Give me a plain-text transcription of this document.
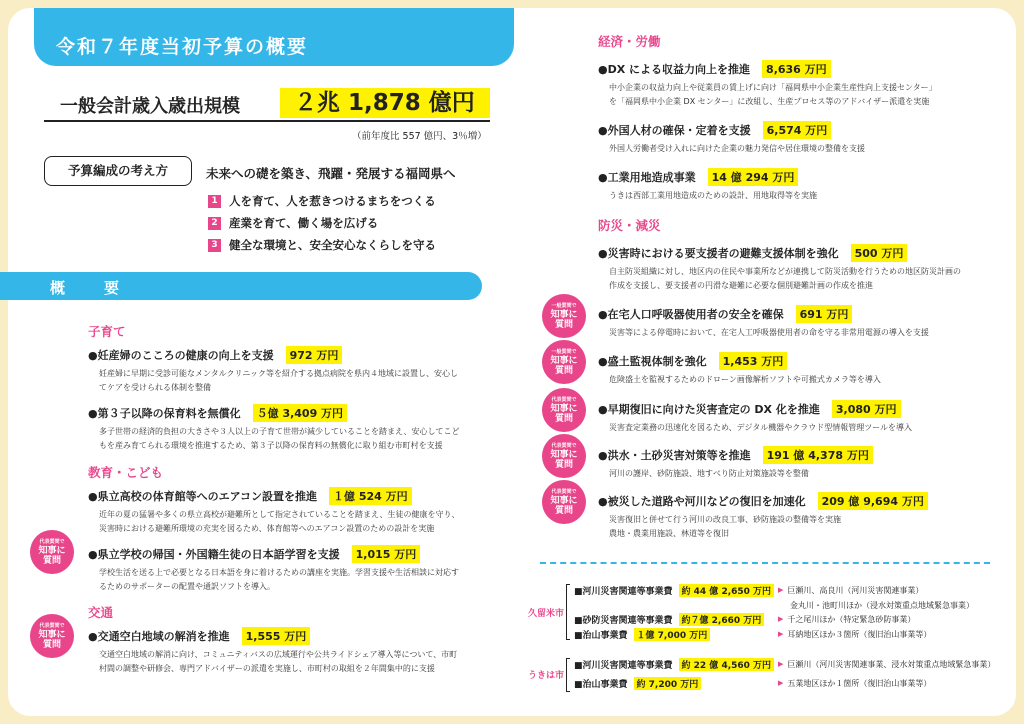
令和７年度当初予算の概要
一般会計歳入歳出規模	２兆 1,878 億円
（前年度比 557 億円、3％増）
予算編成の考え方	未来への礎を築き、飛躍・発展する福岡県へ
1 人を育て、人を惹きつけるまちをつくる
2 産業を育て、働く場を広げる
3 健全な環境と、安全安心なくらしを守る
概　要
子育て
●妊産婦のこころの健康の向上を支援	972 万円
妊産婦に早期に受診可能なメンタルクリニック等を紹介する拠点病院を県内４地域に設置し、安心し
てケアを受けられる体制を整備
●第３子以降の保育料を無償化	５億 3,409 万円
多子世帯の経済的負担の大きさや３人以上の子育て世帯が減少していることを踏まえ、安心してこど
もを産み育てられる環境を推進するため、第３子以降の保育料の無償化に取り組む市町村を支援
教育・こども
●県立高校の体育館等へのエアコン設置を推進	１億 524 万円
近年の夏の猛暑や多くの県立高校が避難所として指定されていることを踏まえ、生徒の健康を守り、
災害時における避難所環境の充実を図るため、体育館等へのエアコン設置のための設計を実施
代表質問で
知事に
質問 ●県立学校の帰国・外国籍生徒の日本語学習を支援	1,015 万円
学校生活を送る上で必要となる日本語を身に着けるための講座を実施。学習支援や生活相談に対応す
るためのサポーターの配置や通訳ソフトを導入。
交通
代表質問で
知事に
質問
●交通空白地域の解消を推進	1,555 万円
交通空白地域の解消に向け、コミュニティバスの広域運行や公共ライドシェア導入等について、市町
村間の調整や研修会、専門アドバイザーの派遣を実施し、市町村の取組を２年間集中的に支援
経済・労働
●DX による収益力向上を推進	8,636 万円
中小企業の収益力向上や従業員の賃上げに向け「福岡県中小企業生産性向上支援センター」
を「福岡県中小企業 DX センター」に改組し、生産プロセス等のアドバイザー派遣を実施
●外国人材の確保・定着を支援	6,574 万円
外国人労働者受け入れに向けた企業の魅力発信や居住環境の整備を支援
●工業用地造成事業	14 億 294 万円
うきは西部工業用地造成のための設計、用地取得等を実施
防災・減災
●災害時における要支援者の避難支援体制を強化	500 万円
自主防災組織に対し、地区内の住民や事業所などが連携して防災活動を行うための地区防災計画の
作成を支援し、要支援者の円滑な避難に必要な個別避難計画の作成を推進
一般質問で
知事に
質問
●在宅人口呼吸器使用者の安全を確保	691 万円
災害等による停電時において、在宅人工呼吸器使用者の命を守る非常用電源の導入を支援
一般質問で
知事に
質問
●盛土監視体制を強化	1,453 万円
危険盛土を監視するためのドローン画像解析ソフトや可搬式カメラ等を導入
代表質問で
知事に
質問
●早期復旧に向けた災害査定の DX 化を推進	3,080 万円
災害査定業務の迅速化を図るため、デジタル機器やクラウド型情報管理ツールを導入
代表質問で
知事に
質問
●洪水・土砂災害対策等を推進	191 億 4,378 万円
河川の護岸、砂防施設、地すべり防止対策施設等を整備
代表質問で
知事に
質問
●被災した道路や河川などの復旧を加速化	209 億 9,694 万円
災害復旧と併せて行う河川の改良工事、砂防施設の整備等を実施
農地・農業用施設、林道等を復旧
久留米市
■河川災害関連等事業費	約 44 億 2,650 万円 ▶ 巨瀬川、高良川（河川災害関連事業）
金丸川・池町川ほか（浸水対策重点地域緊急事業）
■砂防災害関連等事業費	約７億 2,660 万円	▶ 千之尾川ほか（特定緊急砂防事業）
■治山事業費	１億 7,000 万円	▶ 耳納地区ほか３箇所（復旧治山事業等）
うきは市
■河川災害関連等事業費	約 22 億 4,560 万円 ▶ 巨瀬川（河川災害関連事業、浸水対策重点地域緊急事業）
■治山事業費	約 7,200 万円	▶ 五業地区ほか１箇所（復旧治山事業等）
